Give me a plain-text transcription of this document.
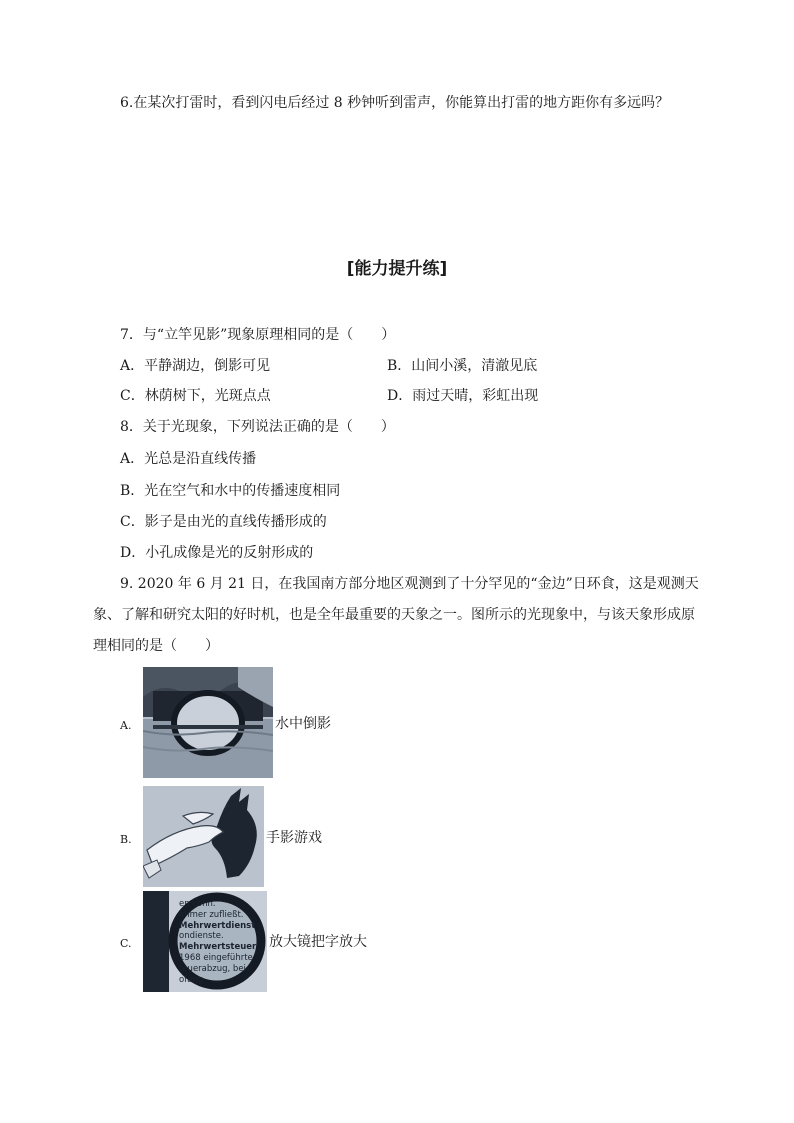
6.在某次打雷时，看到闪电后经过 8 秒钟听到雷声，你能算出打雷的地方距你有多远吗？
[能力提升练]
7．与“立竿见影”现象原理相同的是（　　）
A．平静湖边，倒影可见	B．山间小溪，清澈见底
C．林荫树下，光斑点点	D．雨过天晴，彩虹出现
8．关于光现象，下列说法正确的是（　　）
A．光总是沿直线传播
B．光在空气和水中的传播速度相同
C．影子是由光的直线传播形成的
D．小孔成像是光的反射形成的
9. 2020 年 6 月 21 日，在我国南方部分地区观测到了十分罕见的“金边”日环食，这是观测天
象、了解和研究太阳的好时机，也是全年最重要的天象之一。图所示的光现象中，与该天象形成原
理相同的是（　　）
A.	水中倒影
B.	手影游戏
C.
en Lohn.
ehmer zufließt.
Mehrwertdienst
ondienste.
Mehrwertsteuer
1968 eingeführte
teuerabzug, bei
ofang
放大镜把字放大
